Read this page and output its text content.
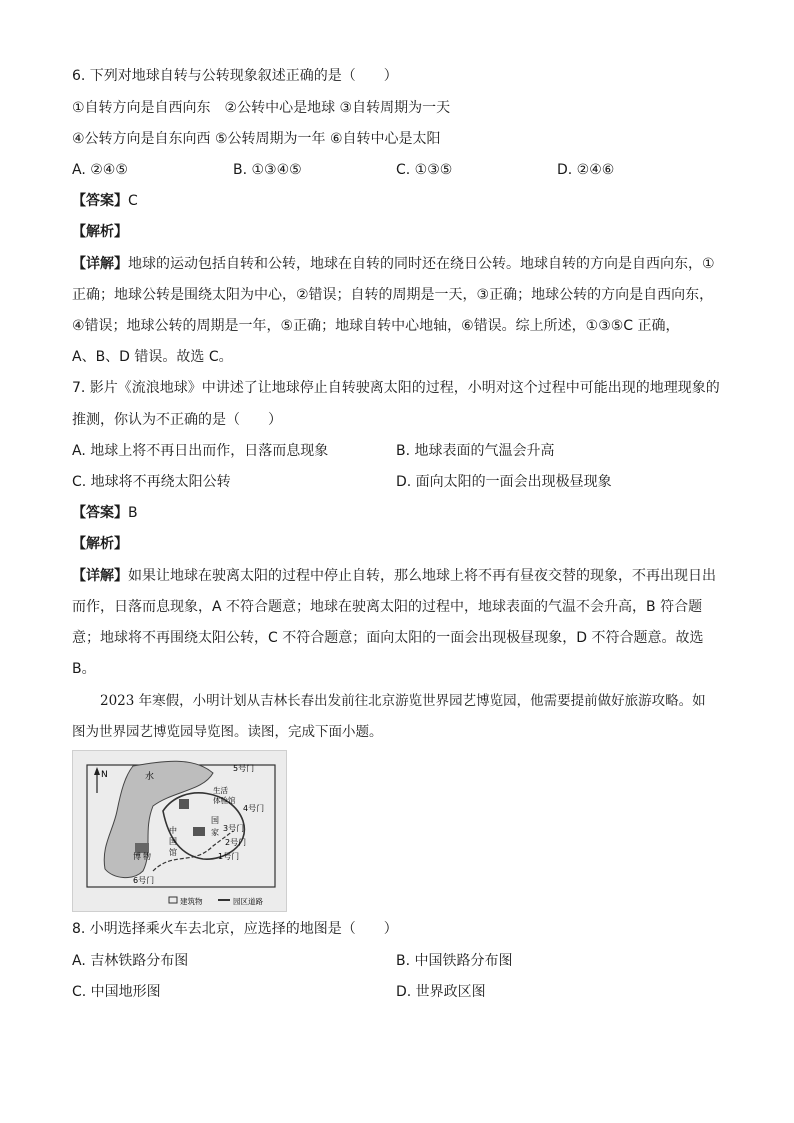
6. 下列对地球自转与公转现象叙述正确的是（　　）
①自转方向是自西向东　②公转中心是地球 ③自转周期为一天
④公转方向是自东向西 ⑤公转周期为一年 ⑥自转中心是太阳
A. ②④⑤	B. ①③④⑤	C. ①③⑤	D. ②④⑥
【答案】C
【解析】
【详解】地球的运动包括自转和公转，地球在自转的同时还在绕日公转。地球自转的方向是自西向东，①
正确；地球公转是围绕太阳为中心，②错误；自转的周期是一天，③正确；地球公转的方向是自西向东，
④错误；地球公转的周期是一年，⑤正确；地球自转中心地轴，⑥错误。综上所述，①③⑤C 正确，
A、B、D 错误。故选 C。
7. 影片《流浪地球》中讲述了让地球停止自转驶离太阳的过程，小明对这个过程中可能出现的地理现象的
推测，你认为不正确的是（　　）
A. 地球上将不再日出而作，日落而息现象	B. 地球表面的气温会升高
C. 地球将不再绕太阳公转	D. 面向太阳的一面会出现极昼现象
【答案】B
【解析】
【详解】如果让地球在驶离太阳的过程中停止自转，那么地球上将不再有昼夜交替的现象，不再出现日出
而作，日落而息现象，A 不符合题意；地球在驶离太阳的过程中，地球表面的气温不会升高，B 符合题
意；地球将不再围绕太阳公转，C 不符合题意；面向太阳的一面会出现极昼现象，D 不符合题意。故选
B。
2023 年寒假，小明计划从吉林长春出发前往北京游览世界园艺博览园，他需要提前做好旅游攻略。如
图为世界园艺博览园导览图。读图，完成下面小题。
N	水
5号门
生活
体验馆
4号门
国
3号门
家
2号门
中
国
馆	1号门
博 物
6号门
建筑物	园区道路
8. 小明选择乘火车去北京，应选择的地图是（　　）
A. 吉林铁路分布图	B. 中国铁路分布图
C. 中国地形图	D. 世界政区图
